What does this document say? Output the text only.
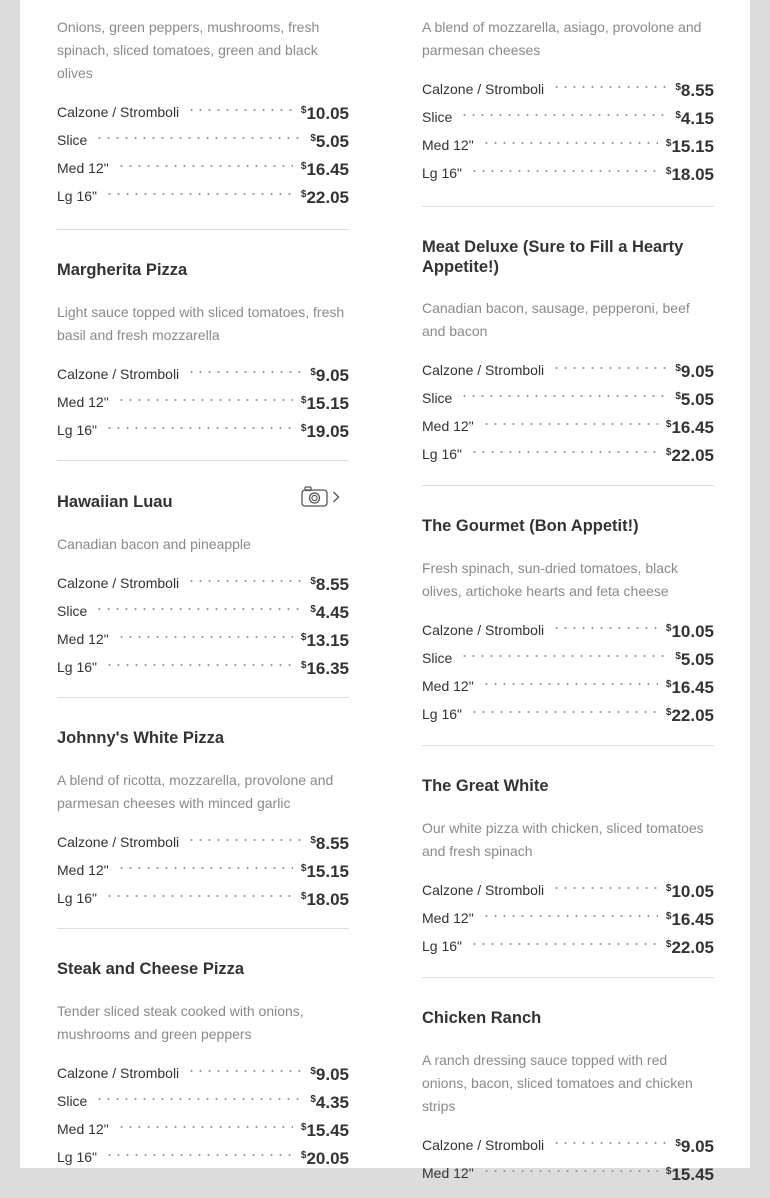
Onions, green peppers, mushrooms, fresh spinach, sliced tomatoes, green and black olives
Calzone / Stromboli	$10.05
Slice	$5.05
Med 12"	$16.45
Lg 16"	$22.05
Margherita Pizza
Light sauce topped with sliced tomatoes, fresh basil and fresh mozzarella
Calzone / Stromboli	$9.05
Med 12"	$15.15
Lg 16"	$19.05
Hawaiian Luau
Canadian bacon and pineapple
Calzone / Stromboli	$8.55
Slice	$4.45
Med 12"	$13.15
Lg 16"	$16.35
Johnny's White Pizza
A blend of ricotta, mozzarella, provolone and parmesan cheeses with minced garlic
Calzone / Stromboli	$8.55
Med 12"	$15.15
Lg 16"	$18.05
Steak and Cheese Pizza
Tender sliced steak cooked with onions, mushrooms and green peppers
Calzone / Stromboli	$9.05
Slice	$4.35
Med 12"	$15.45
Lg 16"	$20.05
A blend of mozzarella, asiago, provolone and parmesan cheeses
Calzone / Stromboli	$8.55
Slice	$4.15
Med 12"	$15.15
Lg 16"	$18.05
Meat Deluxe (Sure to Fill a Hearty Appetite!)
Canadian bacon, sausage, pepperoni, beef and bacon
Calzone / Stromboli	$9.05
Slice	$5.05
Med 12"	$16.45
Lg 16"	$22.05
The Gourmet (Bon Appetit!)
Fresh spinach, sun-dried tomatoes, black olives, artichoke hearts and feta cheese
Calzone / Stromboli	$10.05
Slice	$5.05
Med 12"	$16.45
Lg 16"	$22.05
The Great White
Our white pizza with chicken, sliced tomatoes and fresh spinach
Calzone / Stromboli	$10.05
Med 12"	$16.45
Lg 16"	$22.05
Chicken Ranch
A ranch dressing sauce topped with red onions, bacon, sliced tomatoes and chicken strips
Calzone / Stromboli	$9.05
Med 12"	$15.45
